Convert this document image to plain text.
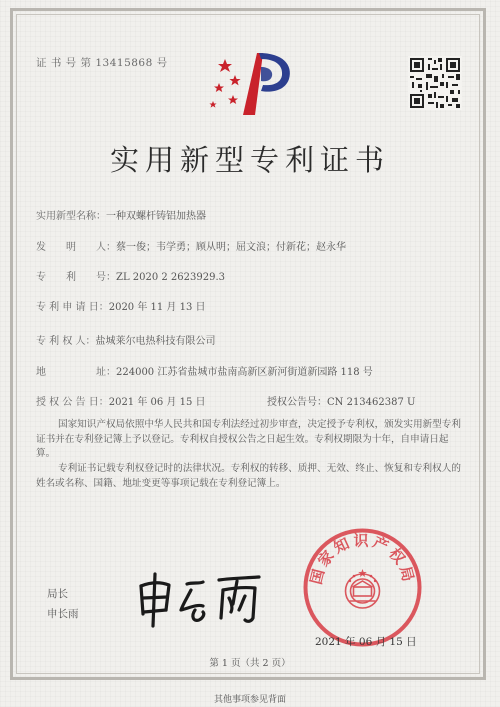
证 书 号 第 13415868 号
实用新型专利证书
实用新型名称：一种双螺杆铸铝加热器
发　　明　　人：蔡一俊；韦学勇；顾从明；屈文浪；付新花；赵永华
专　　利　　号：ZL 2020 2 2623929.3
专 利 申 请 日：2020 年 11 月 13 日
专 利 权 人：盐城莱尔电热科技有限公司
地　　　　　址：224000 江苏省盐城市盐南高新区新河街道新园路 118 号
授 权 公 告 日：2021 年 06 月 15 日	授权公告号：CN 213462387 U
国家知识产权局依照中华人民共和国专利法经过初步审查，决定授予专利权，颁发实用新型专利证书并在专利登记簿上予以登记。专利权自授权公告之日起生效。专利权期限为十年，自申请日起算。
专利证书记载专利权登记时的法律状况。专利权的转移、质押、无效、终止、恢复和专利权人的姓名或名称、国籍、地址变更等事项记载在专利登记簿上。
局长
申长雨
国家知识产权局
2021 年 06 月 15 日
第 1 页（共 2 页）
其他事项参见背面
